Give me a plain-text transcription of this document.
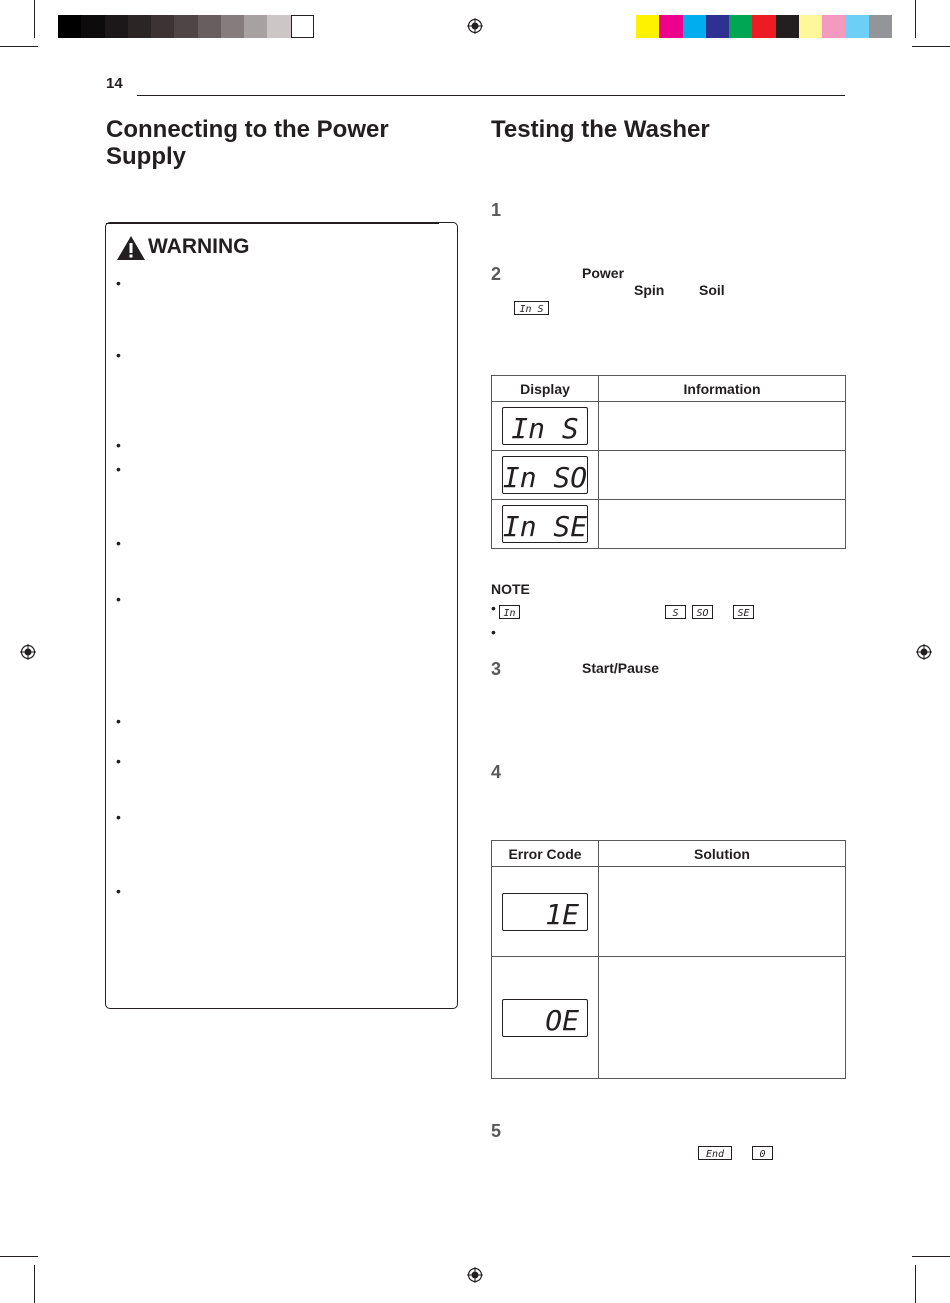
14
Connecting to the Power
Supply
Testing the Washer
WARNING
•
•
•
•
•
•
•
•
•
•
1
2	Power
Spin Soil
In S
Display	Information

In S	

In SO	

In SE	

NOTE
• In	S SO	SE
•
3	Start/Pause
4
Error Code	Solution

1E	

OE	

5
End	0
